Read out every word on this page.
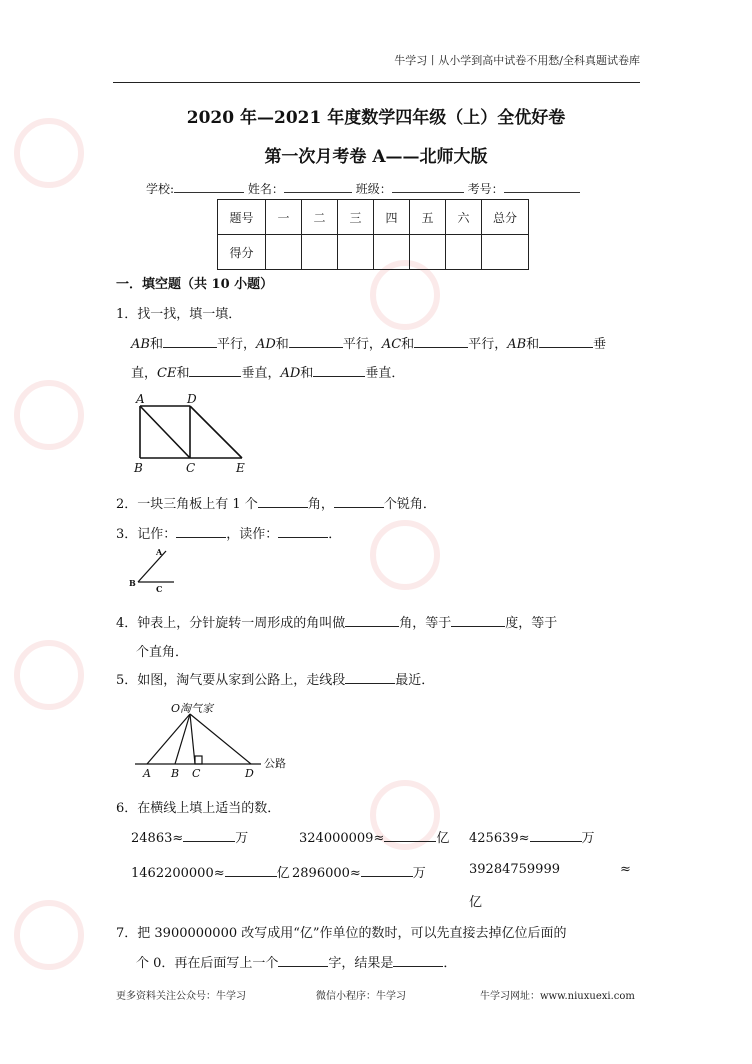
牛学习丨从小学到高中试卷不用愁/全科真题试卷库
2020 年—2021 年度数学四年级（上）全优好卷
第一次月考卷 A——北师大版
学校:	姓名：	班级：	考号：
题号	一	二	三	四	五	六	总分
得分							
一．填空题（共 10 小题）
1．找一找，填一填．
AB和	平行，AD和	平行，AC和	平行，AB和	垂
直，CE和	垂直，AD和	垂直．
A	D
B	C	E
2．一块三角板上有 1 个	角，	个锐角．
3．记作：	，读作：	．
A
B
C
4．钟表上，分针旋转一周形成的角叫做	角，等于	度，等于
个直角．
5．如图，淘气要从家到公路上，走线段	最近．
O淘气家
公路
A B C	D
6．在横线上填上适当的数．
24863≈	万	324000009≈	亿 425639≈	万
1462200000≈	亿 2896000≈	万	39284759999	≈
亿
7．把 3900000000 改写成用“亿”作单位的数时，可以先直接去掉亿位后面的
个 0．再在后面写上一个	字，结果是	．
更多资料关注公众号：牛学习	微信小程序：牛学习	牛学习网址：www.niuxuexi.com
